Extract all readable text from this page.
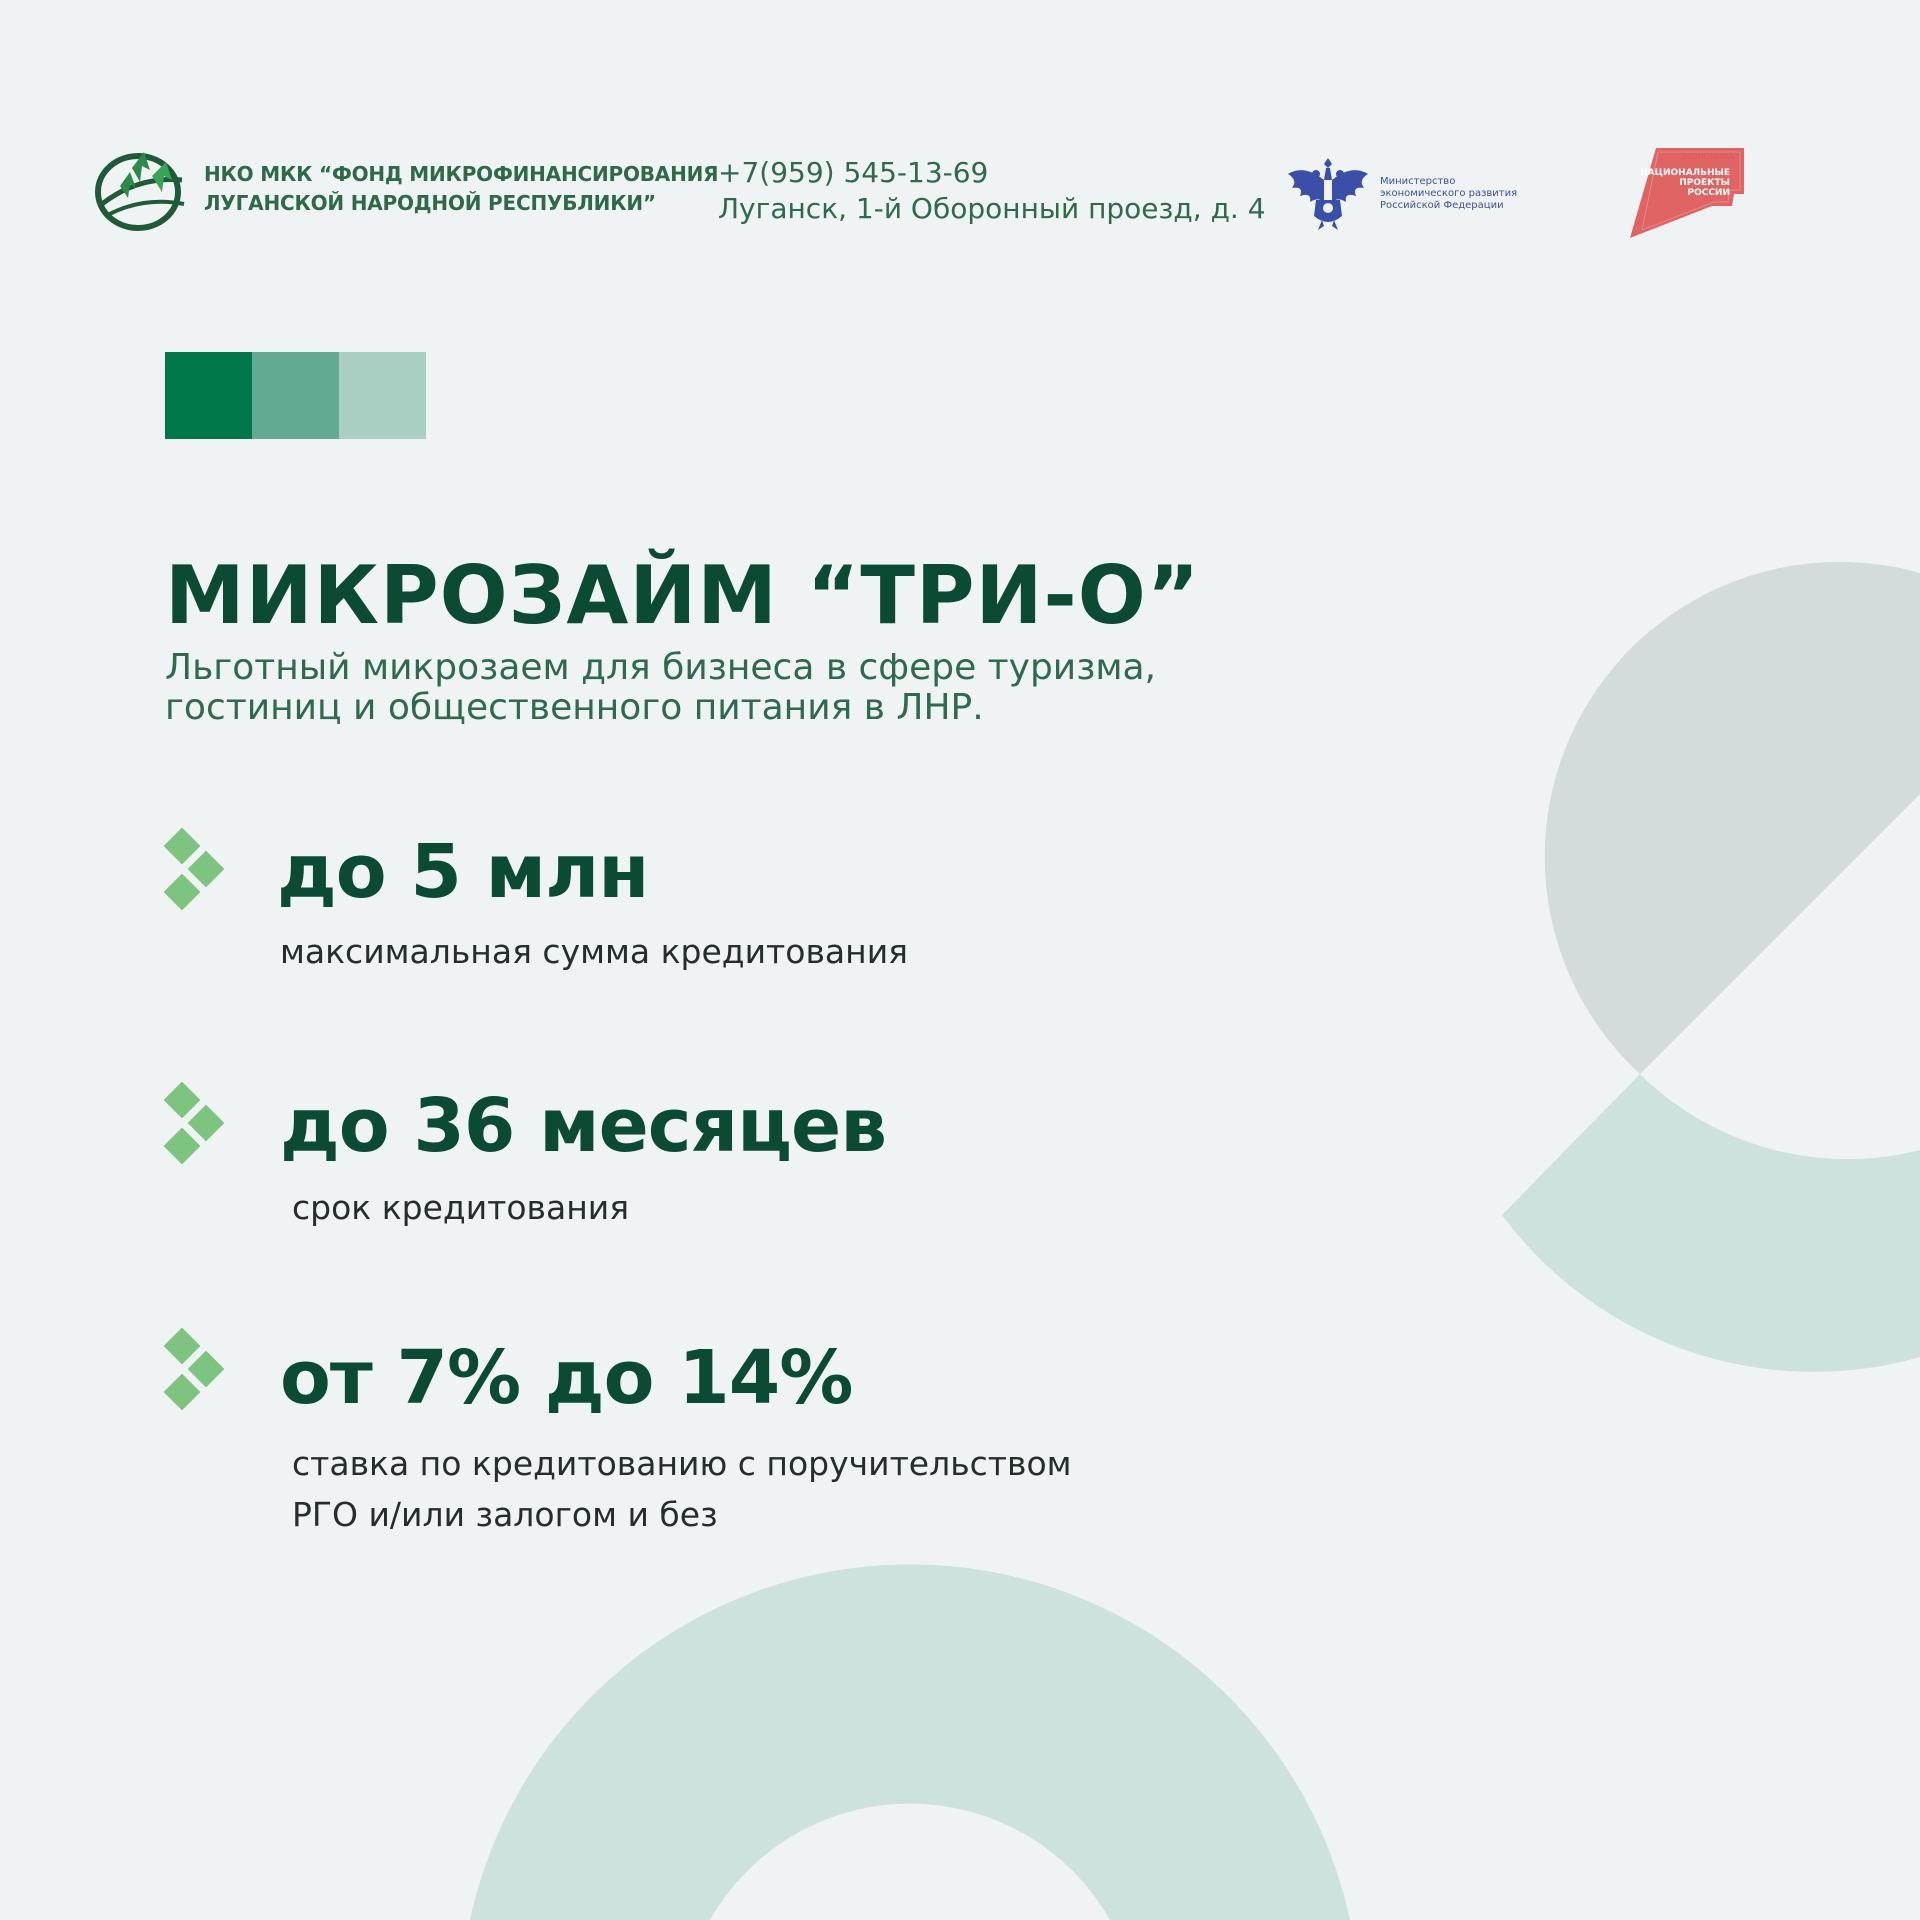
НКО МКК “ФОНД МИКРОФИНАНСИРОВАНИЯ
ЛУГАНСКОЙ НАРОДНОЙ РЕСПУБЛИКИ”
+7(959) 545-13-69
Луганск, 1-й Оборонный проезд, д. 4
Министерство
экономического развития
Российской Федерации
ЭКОНОМИКА
НАЦИОНАЛЬНЫЕ
ПРОЕКТЫ
РОССИИ
МИКРОЗАЙМ “ТРИ-О”
Льготный микрозаем для бизнеса в сфере туризма,
гостиниц и общественного питания в ЛНР.
до 5 млн
максимальная сумма кредитования
до 36 месяцев
срок кредитования
от 7% до 14%
ставка по кредитованию с поручительством
РГО и/или залогом и без
